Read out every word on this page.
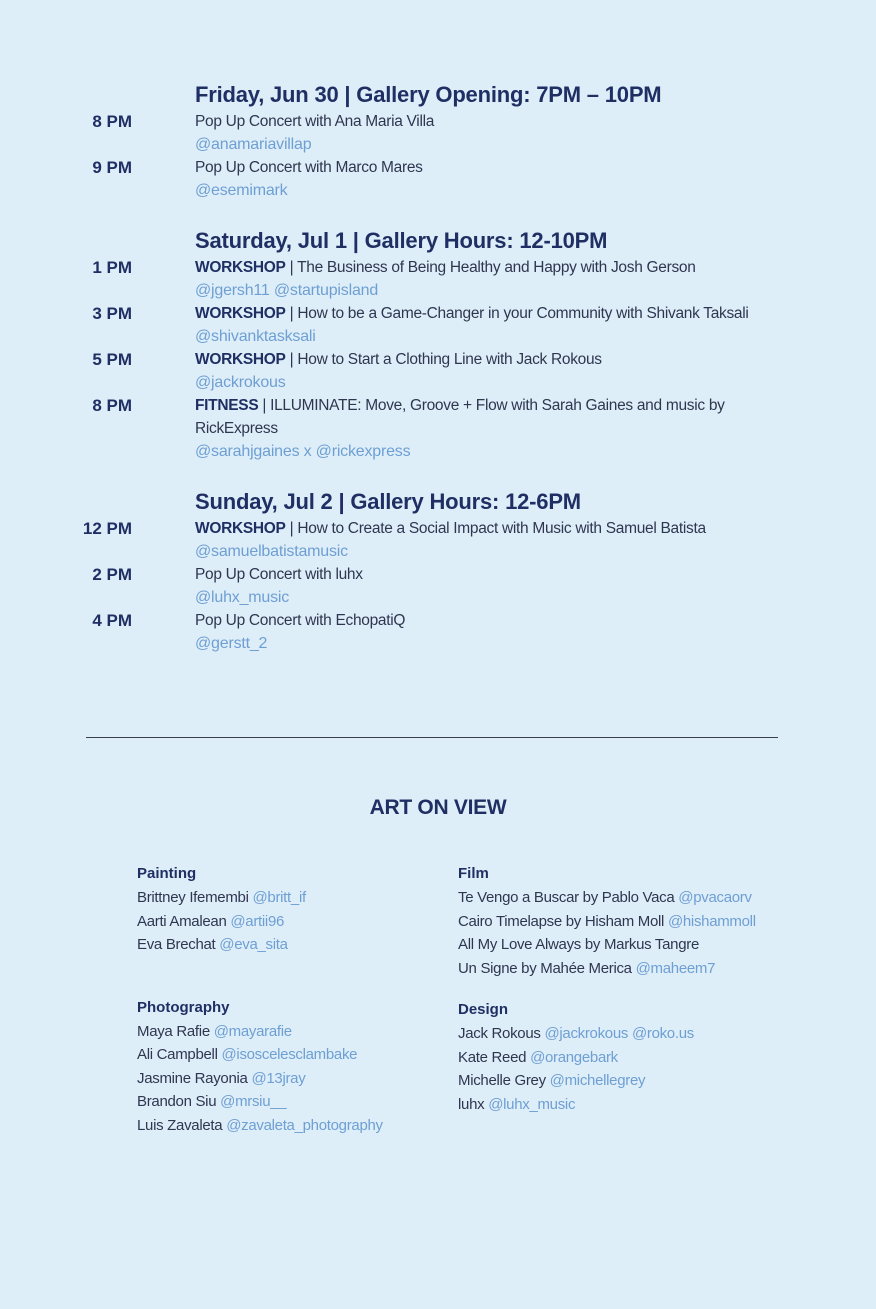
Friday, Jun 30 | Gallery Opening: 7PM – 10PM
8 PM	Pop Up Concert with Ana Maria Villa
@anamariavillap
9 PM	Pop Up Concert with Marco Mares
@esemimark
Saturday, Jul 1 | Gallery Hours: 12-10PM
1 PM	WORKSHOP | The Business of Being Healthy and Happy with Josh Gerson
@jgersh11 @startupisland
3 PM	WORKSHOP | How to be a Game-Changer in your Community with Shivank Taksali
@shivanktasksali
5 PM	WORKSHOP | How to Start a Clothing Line with Jack Rokous
@jackrokous
8 PM	FITNESS | ILLUMINATE: Move, Groove + Flow with Sarah Gaines and music by
RickExpress
@sarahjgaines x @rickexpress
Sunday, Jul 2 | Gallery Hours: 12-6PM
12 PM	WORKSHOP | How to Create a Social Impact with Music with Samuel Batista
@samuelbatistamusic
2 PM	Pop Up Concert with luhx
@luhx_music
4 PM	Pop Up Concert with EchopatiQ
@gerstt_2
ART ON VIEW
Painting
Brittney Ifemembi @britt_if
Aarti Amalean @artii96
Eva Brechat @eva_sita
Photography
Maya Rafie @mayarafie
Ali Campbell @isoscelesclambake
Jasmine Rayonia @13jray
Brandon Siu @mrsiu__
Luis Zavaleta @zavaleta_photography
Film
Te Vengo a Buscar by Pablo Vaca @pvacaorv
Cairo Timelapse by Hisham Moll @hishammoll
All My Love Always by Markus Tangre
Un Signe by Mahée Merica @maheem7
Design
Jack Rokous @jackrokous @roko.us
Kate Reed @orangebark
Michelle Grey @michellegrey
luhx @luhx_music
